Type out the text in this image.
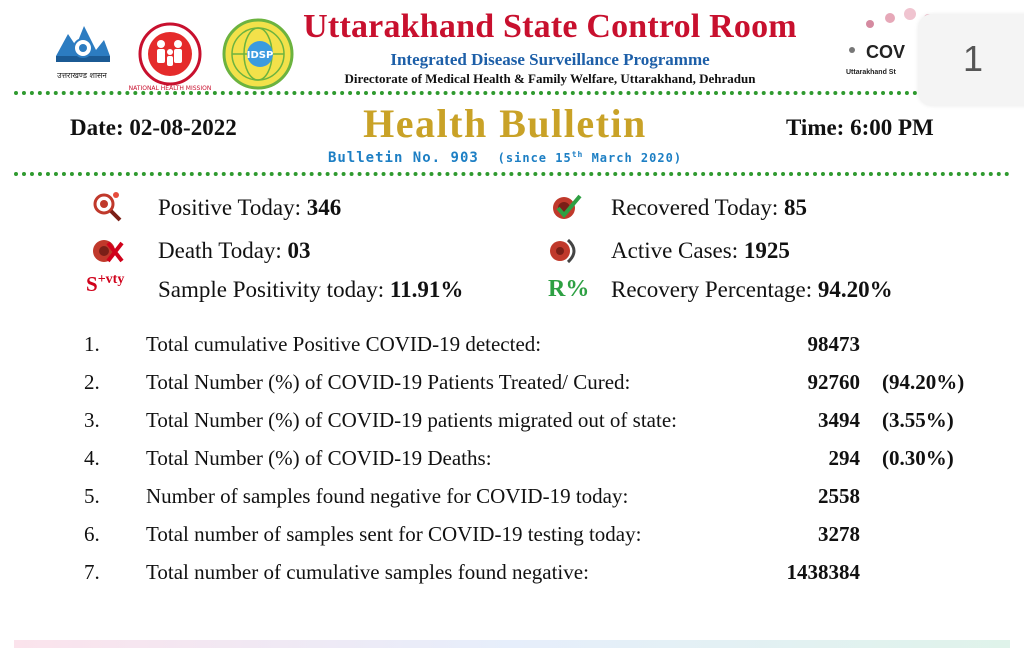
उत्तराखण्ड शासन
NATIONAL HEALTH MISSION
IDSP
Uttarakhand State Control Room
Integrated Disease Surveillance Programme
Directorate of Medical Health & Family Welfare, Uttarakhand, Dehradun
COV
Uttarakhand St	1
Date: 02-08-2022	Health Bulletin	Time: 6:00 PM
Bulletin No. 903 (since 15th March 2020)
Positive Today: 346	Recovered Today: 85
Death Today: 03	Active Cases: 1925
$S^{+vty}$ Sample Positivity today: 11.91%	R% Recovery Percentage: 94.20%
1. Total cumulative Positive COVID-19 detected:	98473
2. Total Number (%) of COVID-19 Patients Treated/ Cured:	92760 (94.20%)
3. Total Number (%) of COVID-19 patients migrated out of state:	3494 (3.55%)
4. Total Number (%) of COVID-19 Deaths:	294 (0.30%)
5. Number of samples found negative for COVID-19 today:	2558
6. Total number of samples sent for COVID-19 testing today:	3278
7. Total number of cumulative samples found negative:	1438384
